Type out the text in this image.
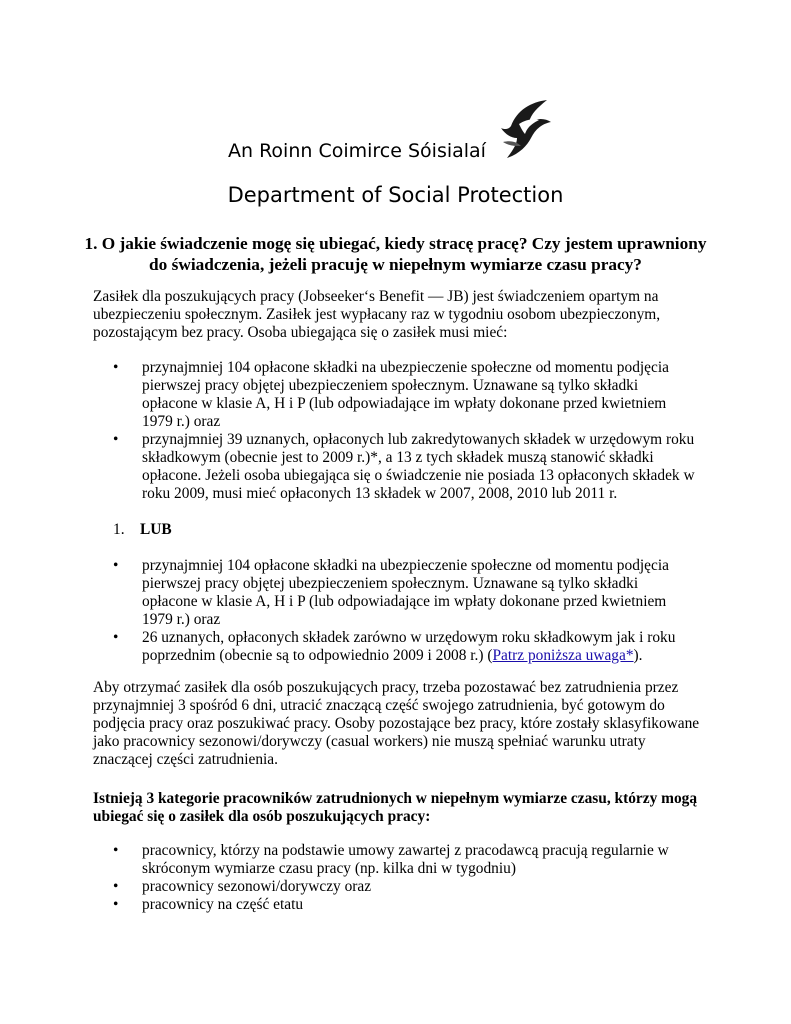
An Roinn Coimirce Sóisialaí
Department of Social Protection
1. O jakie świadczenie mogę się ubiegać, kiedy stracę pracę? Czy jestem uprawniony do świadczenia, jeżeli pracuję w niepełnym wymiarze czasu pracy?
Zasiłek dla poszukujących pracy (Jobseeker‘s Benefit — JB) jest świadczeniem opartym na ubezpieczeniu społecznym. Zasiłek jest wypłacany raz w tygodniu osobom ubezpieczonym, pozostającym bez pracy. Osoba ubiegająca się o zasiłek musi mieć:
• przynajmniej 104 opłacone składki na ubezpieczenie społeczne od momentu podjęcia pierwszej pracy objętej ubezpieczeniem społecznym. Uznawane są tylko składki opłacone w klasie A, H i P (lub odpowiadające im wpłaty dokonane przed kwietniem 1979 r.) oraz
• przynajmniej 39 uznanych, opłaconych lub zakredytowanych składek w urzędowym roku składkowym (obecnie jest to 2009 r.)*, a 13 z tych składek muszą stanowić składki opłacone. Jeżeli osoba ubiegająca się o świadczenie nie posiada 13 opłaconych składek w roku 2009, musi mieć opłaconych 13 składek w 2007, 2008, 2010 lub 2011 r.
1. LUB
• przynajmniej 104 opłacone składki na ubezpieczenie społeczne od momentu podjęcia pierwszej pracy objętej ubezpieczeniem społecznym. Uznawane są tylko składki opłacone w klasie A, H i P (lub odpowiadające im wpłaty dokonane przed kwietniem 1979 r.) oraz
• 26 uznanych, opłaconych składek zarówno w urzędowym roku składkowym jak i roku poprzednim (obecnie są to odpowiednio 2009 i 2008 r.) (Patrz poniższa uwaga*).
Aby otrzymać zasiłek dla osób poszukujących pracy, trzeba pozostawać bez zatrudnienia przez przynajmniej 3 spośród 6 dni, utracić znaczącą część swojego zatrudnienia, być gotowym do podjęcia pracy oraz poszukiwać pracy. Osoby pozostające bez pracy, które zostały sklasyfikowane jako pracownicy sezonowi/dorywczy (casual workers) nie muszą spełniać warunku utraty znaczącej części zatrudnienia.
Istnieją 3 kategorie pracowników zatrudnionych w niepełnym wymiarze czasu, którzy mogą ubiegać się o zasiłek dla osób poszukujących pracy:
• pracownicy, którzy na podstawie umowy zawartej z pracodawcą pracują regularnie w skróconym wymiarze czasu pracy (np. kilka dni w tygodniu)
• pracownicy sezonowi/dorywczy oraz
• pracownicy na część etatu
